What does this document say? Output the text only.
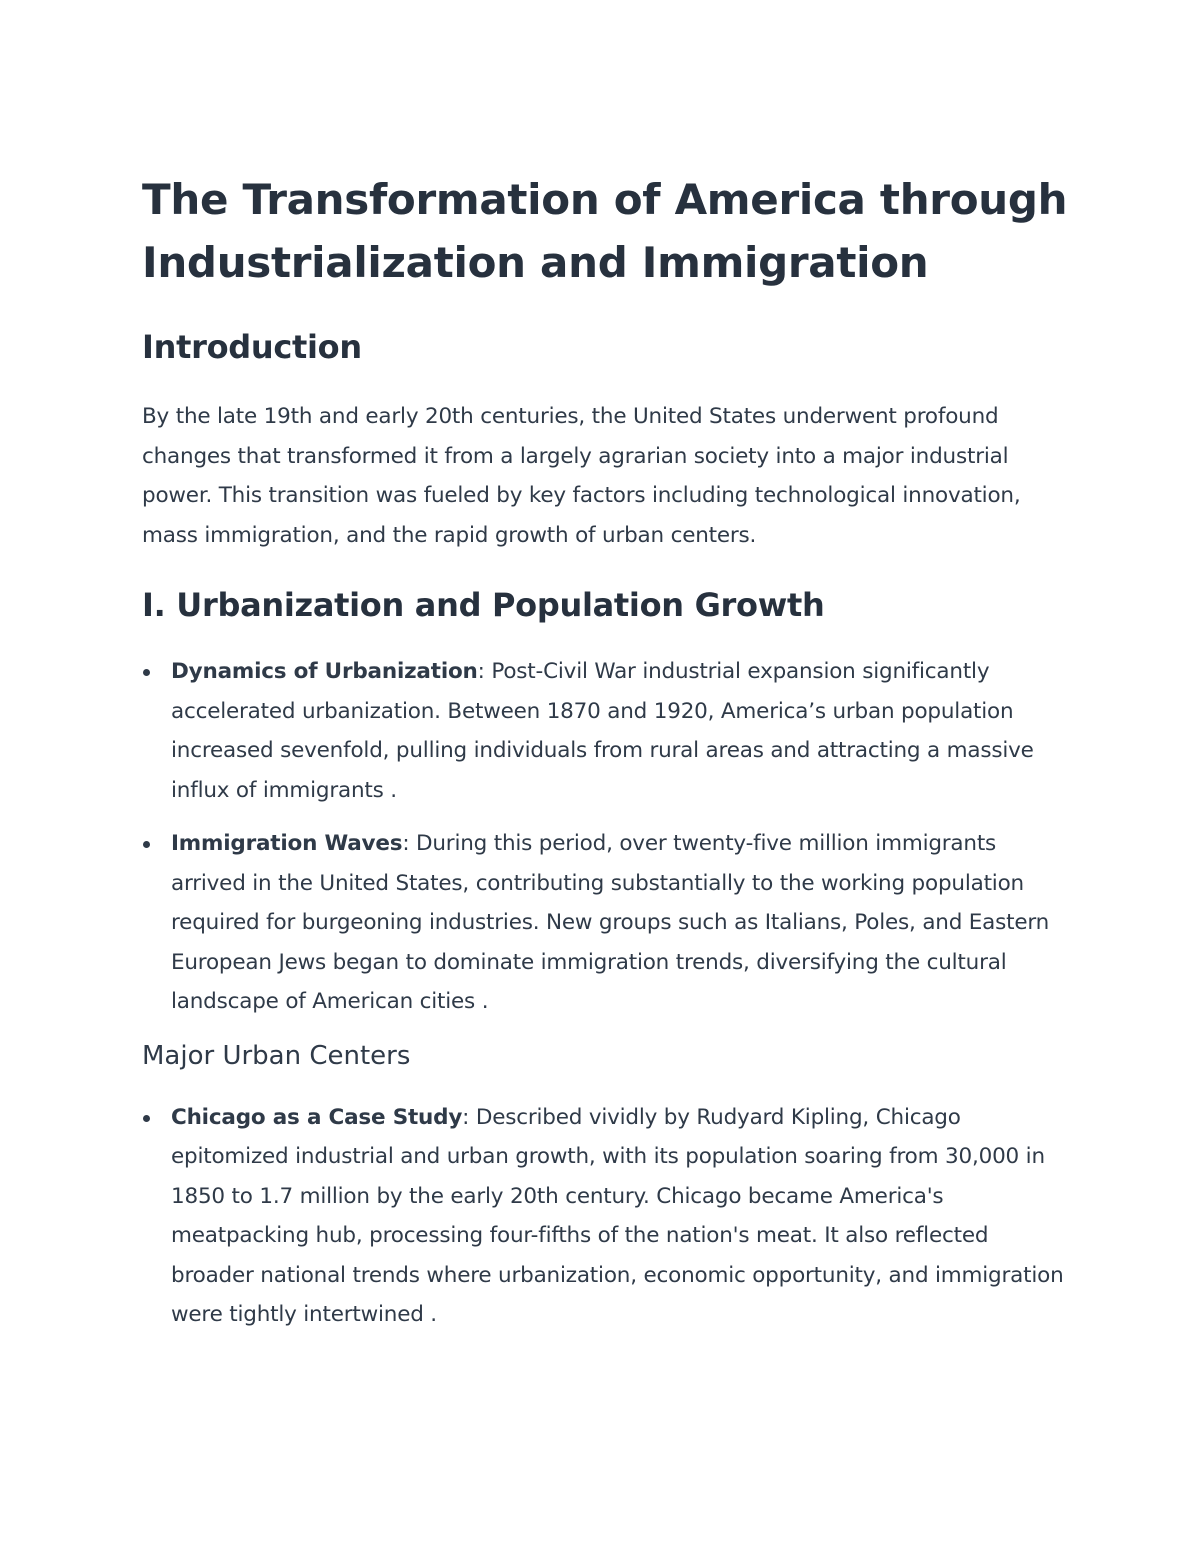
The Transformation of America through Industrialization and Immigration
Introduction

By the late 19th and early 20th centuries, the United States underwent profound changes that transformed it from a largely agrarian society into a major industrial power. This transition was fueled by key factors including technological innovation, mass immigration, and the rapid growth of urban centers.

I. Urbanization and Population Growth
Dynamics of Urbanization: Post-Civil War industrial expansion significantly accelerated urbanization. Between 1870 and 1920, America’s urban population increased sevenfold, pulling individuals from rural areas and attracting a massive influx of immigrants .
Immigration Waves: During this period, over twenty-five million immigrants arrived in the United States, contributing substantially to the working population required for burgeoning industries. New groups such as Italians, Poles, and Eastern European Jews began to dominate immigration trends, diversifying the cultural landscape of American cities .
Major Urban Centers
Chicago as a Case Study: Described vividly by Rudyard Kipling, Chicago epitomized industrial and urban growth, with its population soaring from 30,000 in 1850 to 1.7 million by the early 20th century. Chicago became America's meatpacking hub, processing four-fifths of the nation's meat. It also reflected broader national trends where urbanization, economic opportunity, and immigration were tightly intertwined .
